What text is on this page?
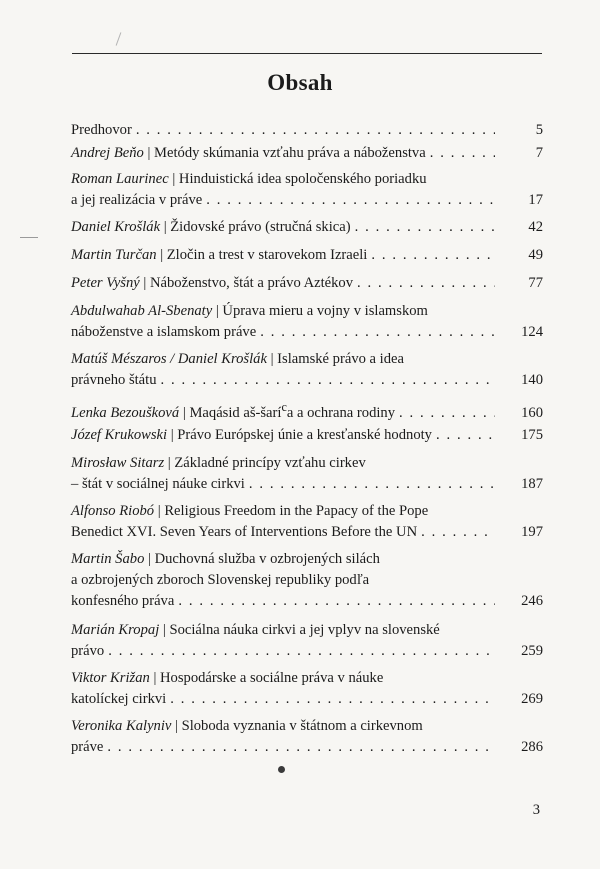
Obsah
Predhovor . . .	5
Andrej Beňo | Metódy skúmania vzťahu práva a náboženstva . . .	7
Roman Laurinec | Hinduistická idea spoločenského poriadku
a jej realizácia v práve . . .	17
Daniel Krošlák | Židovské právo (stručná skica) . . .	42
Martin Turčan | Zločin a trest v starovekom Izraeli . . .	49
Peter Vyšný | Náboženstvo, štát a právo Aztékov . . .	77
Abdulwahab Al-Sbenaty | Úprava mieru a vojny v islamskom
náboženstve a islamskom práve . . .	124
Matúš Mészaros / Daniel Krošlák | Islamské právo a idea
právneho štátu . . .	140
Lenka Bezoušková | Maqásid aš-šarí$^c$a a ochrana rodiny . . .	160
Józef Krukowski | Právo Európskej únie a kresťanské hodnoty . . .	175
Mirosław Sitarz | Základné princípy vzťahu cirkev
– štát v sociálnej náuke cirkvi . . .	187
Alfonso Riobó | Religious Freedom in the Papacy of the Pope
Benedict XVI. Seven Years of Interventions Before the UN . . .	197
Martin Šabo | Duchovná služba v ozbrojených silách
a ozbrojených zboroch Slovenskej republiky podľa
konfesného práva . . .	246
Marián Kropaj | Sociálna náuka cirkvi a jej vplyv na slovenské
právo . . .	259
Viktor Križan | Hospodárske a sociálne práva v náuke
katolíckej cirkvi . . .	269
Veronika Kalyniv | Sloboda vyznania v štátnom a cirkevnom
práve . . .	286
3
